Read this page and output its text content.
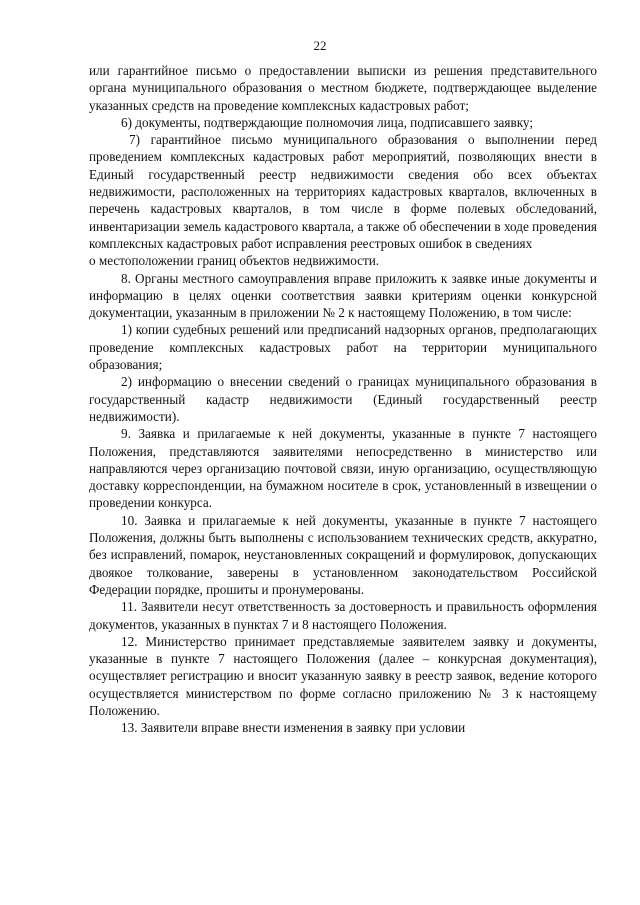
22

или гарантийное письмо о предоставлении выписки из решения представительного органа муниципального образования о местном бюджете, подтверждающее выделение указанных средств на проведение комплексных кадастровых работ;

6) документы, подтверждающие полномочия лица, подписавшего заявку;

7) гарантийное письмо муниципального образования о выполнении перед проведением комплексных кадастровых работ мероприятий, позволяющих внести в Единый государственный реестр недвижимости сведения обо всех объектах недвижимости, расположенных на территориях кадастровых кварталов, включенных в перечень кадастровых кварталов, в том числе в форме полевых обследований, инвентаризации земель кадастрового квартала, а также об обеспечении в ходе проведения комплексных кадастровых работ исправления реестровых ошибок в сведениях

о местоположении границ объектов недвижимости.

8. Органы местного самоуправления вправе приложить к заявке иные документы и информацию в целях оценки соответствия заявки критериям оценки конкурсной документации, указанным в приложении № 2 к настоящему Положению, в том числе:

1) копии судебных решений или предписаний надзорных органов, предполагающих проведение комплексных кадастровых работ на территории муниципального образования;

2) информацию о внесении сведений о границах муниципального образования в государственный кадастр недвижимости (Единый государственный реестр недвижимости).

9. Заявка и прилагаемые к ней документы, указанные в пункте 7 настоящего Положения, представляются заявителями непосредственно в министерство или направляются через организацию почтовой связи, иную организацию, осуществляющую доставку корреспонденции, на бумажном носителе в срок, установленный в извещении о проведении конкурса.

10. Заявка и прилагаемые к ней документы, указанные в пункте 7 настоящего Положения, должны быть выполнены с использованием технических средств, аккуратно, без исправлений, помарок, неустановленных сокращений и формулировок, допускающих двоякое толкование, заверены в установленном законодательством Российской Федерации порядке, прошиты и пронумерованы.

11. Заявители несут ответственность за достоверность и правильность оформления документов, указанных в пунктах 7 и 8 настоящего Положения.

12. Министерство принимает представляемые заявителем заявку и документы, указанные в пункте 7 настоящего Положения (далее – конкурсная документация), осуществляет регистрацию и вносит указанную заявку в реестр заявок, ведение которого осуществляется министерством по форме согласно приложению № 3 к настоящему Положению.

13. Заявители вправе внести изменения в заявку при условии
